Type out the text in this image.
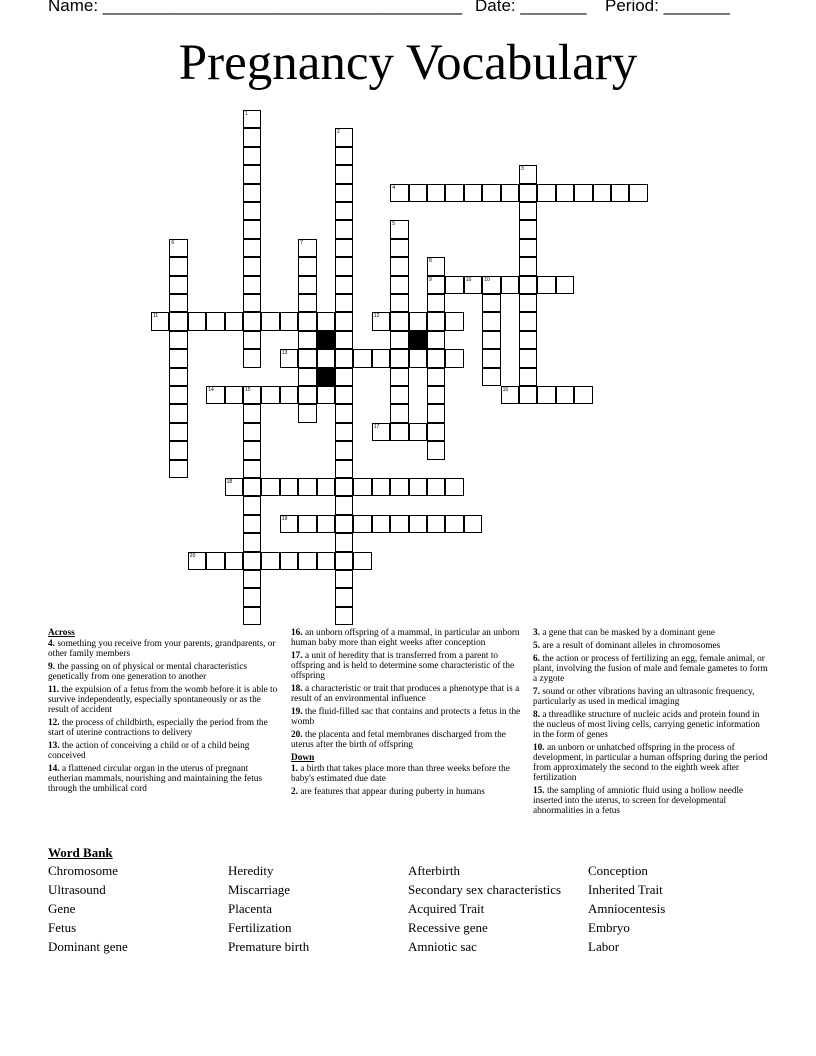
Name: ______________________________________ Date: _______ Period: _______
Pregnancy Vocabulary
4
9	10	10
11	12
13
14	15	16
17
18
19
20
1
2
3
5
6	7
8
Across
4. something you receive from your parents, grandparents, or other family members
9. the passing on of physical or mental characteristics genetically from one generation to another
11. the expulsion of a fetus from the womb before it is able to survive independently, especially spontaneously or as the result of accident
12. the process of childbirth, especially the period from the start of uterine contractions to delivery
13. the action of conceiving a child or of a child being conceived
14. a flattened circular organ in the uterus of pregnant eutherian mammals, nourishing and maintaining the fetus through the umbilical cord
16. an unborn offspring of a mammal, in particular an unborn human baby more than eight weeks after conception
17. a unit of heredity that is transferred from a parent to offspring and is held to determine some characteristic of the offspring
18. a characteristic or trait that produces a phenotype that is a result of an environmental influence
19. the fluid-filled sac that contains and protects a fetus in the womb
20. the placenta and fetal membranes discharged from the uterus after the birth of offspring
Down
1. a birth that takes place more than three weeks before the baby's estimated due date
2. are features that appear during puberty in humans
3. a gene that can be masked by a dominant gene
5. are a result of dominant alleles in chromosomes
6. the action or process of fertilizing an egg, female animal, or plant, involving the fusion of male and female gametes to form a zygote
7. sound or other vibrations having an ultrasonic frequency, particularly as used in medical imaging
8. a threadlike structure of nucleic acids and protein found in the nucleus of most living cells, carrying genetic information in the form of genes
10. an unborn or unhatched offspring in the process of development, in particular a human offspring during the period from approximately the second to the eighth week after fertilization
15. the sampling of amniotic fluid using a hollow needle inserted into the uterus, to screen for developmental abnormalities in a fetus
Word Bank
Chromosome	Heredity	Afterbirth	Conception
Ultrasound	Miscarriage	Secondary sex characteristics	Inherited Trait
Gene	Placenta	Acquired Trait	Amniocentesis
Fetus	Fertilization	Recessive gene	Embryo
Dominant gene	Premature birth	Amniotic sac	Labor
